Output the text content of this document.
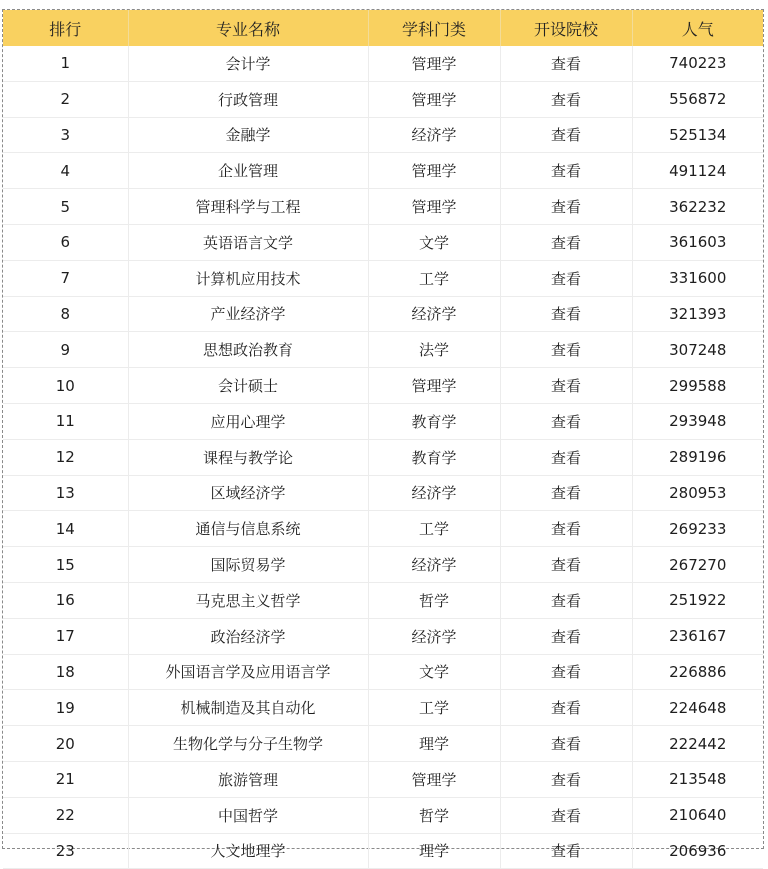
排行	专业名称	学科门类	开设院校	人气
1	会计学	管理学	查看	740223
2	行政管理	管理学	查看	556872
3	金融学	经济学	查看	525134
4	企业管理	管理学	查看	491124
5	管理科学与工程	管理学	查看	362232
6	英语语言文学	文学	查看	361603
7	计算机应用技术	工学	查看	331600
8	产业经济学	经济学	查看	321393
9	思想政治教育	法学	查看	307248
10	会计硕士	管理学	查看	299588
11	应用心理学	教育学	查看	293948
12	课程与教学论	教育学	查看	289196
13	区域经济学	经济学	查看	280953
14	通信与信息系统	工学	查看	269233
15	国际贸易学	经济学	查看	267270
16	马克思主义哲学	哲学	查看	251922
17	政治经济学	经济学	查看	236167
18	外国语言学及应用语言学	文学	查看	226886
19	机械制造及其自动化	工学	查看	224648
20	生物化学与分子生物学	理学	查看	222442
21	旅游管理	管理学	查看	213548
22	中国哲学	哲学	查看	210640
23	人文地理学	理学	查看	206936
